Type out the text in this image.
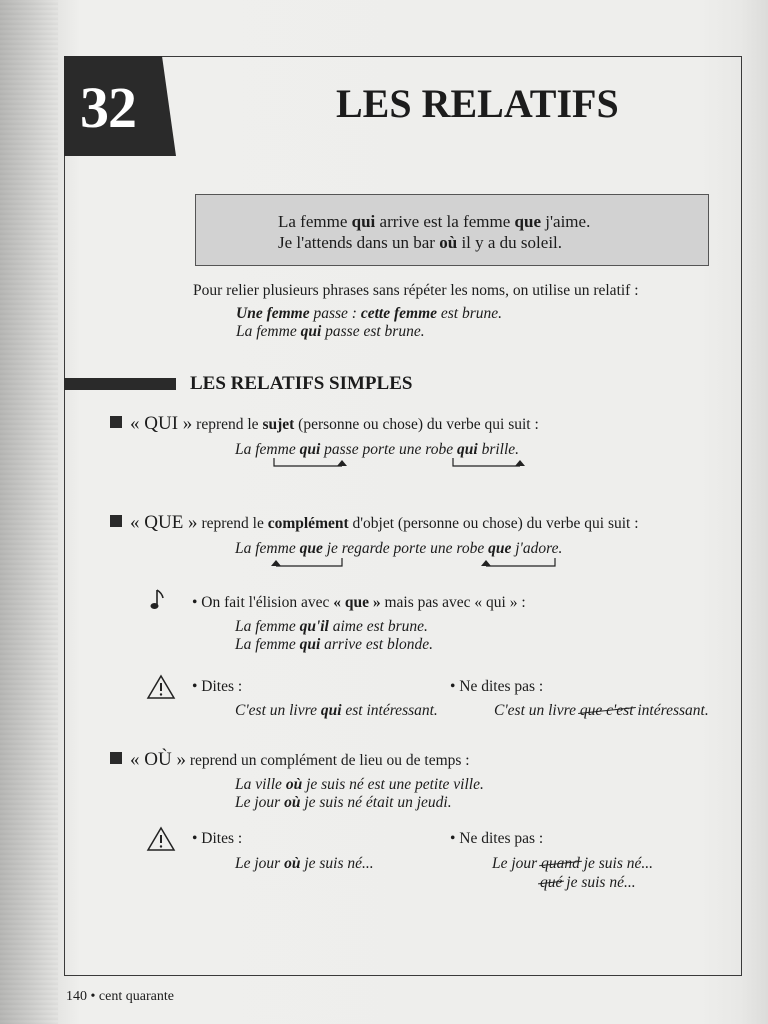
32	LES RELATIFS
La femme qui arrive est la femme que j'aime.
Je l'attends dans un bar où il y a du soleil.
Pour relier plusieurs phrases sans répéter les noms, on utilise un relatif :
Une femme passe : cette femme est brune.
La femme qui passe est brune.
LES RELATIFS SIMPLES
« QUI » reprend le sujet (personne ou chose) du verbe qui suit :
La femme qui passe porte une robe qui brille.
« QUE » reprend le complément d'objet (personne ou chose) du verbe qui suit :
La femme que je regarde porte une robe que j'adore.
• On fait l'élision avec « que » mais pas avec « qui » :
La femme qu'il aime est brune.
La femme qui arrive est blonde.
• Dites :	• Ne dites pas :
C'est un livre qui est intéressant.	C'est un livre que c'est intéressant.
« OÙ » reprend un complément de lieu ou de temps :
La ville où je suis né est une petite ville.
Le jour où je suis né était un jeudi.
• Dites :	• Ne dites pas :
Le jour où je suis né...	Le jour quand je suis né...
qué je suis né...
140 • cent quarante
